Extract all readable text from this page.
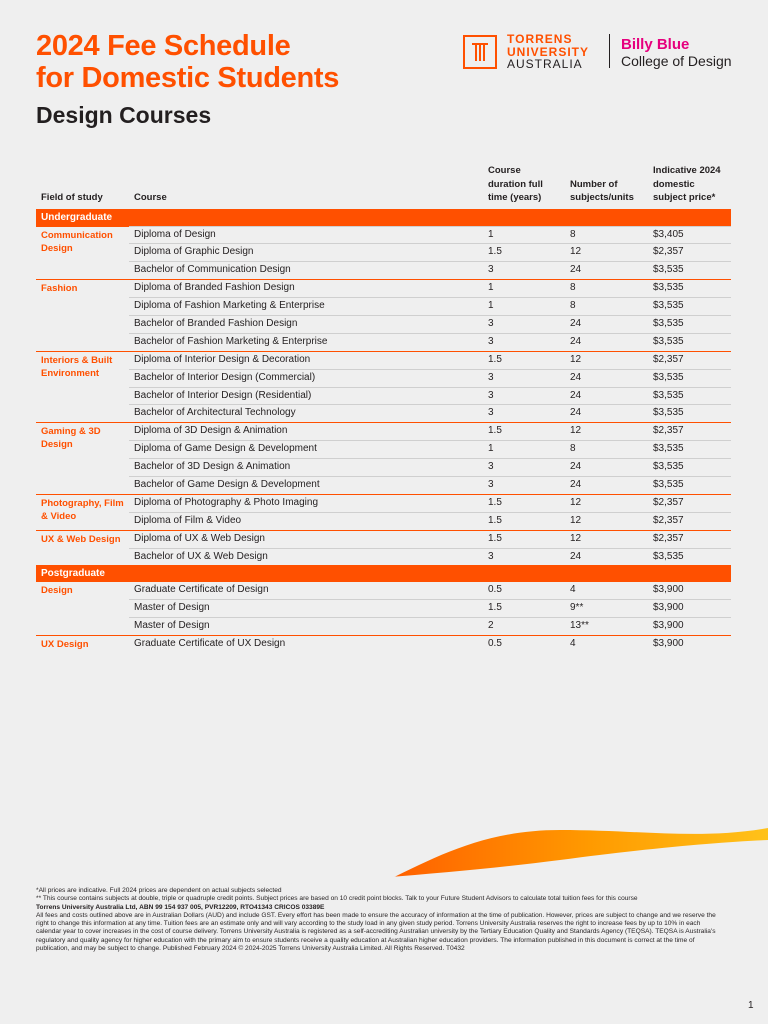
2024 Fee Schedule
for Domestic Students
Design Courses
TORRENS
UNIVERSITY
AUSTRALIA
Billy Blue
College of Design
Field of study	Course	Course duration full time (years)	Number of subjects/units	Indicative 2024 domestic subject price*
Undergraduate				
Communication Design	Diploma of Design	1	8	$3,405
	Diploma of Graphic Design	1.5	12	$2,357
	Bachelor of Communication Design	3	24	$3,535
Fashion	Diploma of Branded Fashion Design	1	8	$3,535
	Diploma of Fashion Marketing & Enterprise	1	8	$3,535
	Bachelor of Branded Fashion Design	3	24	$3,535
	Bachelor of Fashion Marketing & Enterprise	3	24	$3,535
Interiors & Built Environment	Diploma of Interior Design & Decoration	1.5	12	$2,357
	Bachelor of Interior Design (Commercial)	3	24	$3,535
	Bachelor of Interior Design (Residential)	3	24	$3,535
	Bachelor of Architectural Technology	3	24	$3,535
Gaming & 3D Design	Diploma of 3D Design & Animation	1.5	12	$2,357
	Diploma of Game Design & Development	1	8	$3,535
	Bachelor of 3D Design & Animation	3	24	$3,535
	Bachelor of Game Design & Development	3	24	$3,535
Photography, Film & Video	Diploma of Photography & Photo Imaging	1.5	12	$2,357
	Diploma of Film & Video	1.5	12	$2,357
UX & Web Design	Diploma of UX & Web Design	1.5	12	$2,357
	Bachelor of UX & Web Design	3	24	$3,535
Postgraduate				
Design	Graduate Certificate of Design	0.5	4	$3,900
	Master of Design	1.5	9**	$3,900
	Master of Design	2	13**	$3,900
UX Design	Graduate Certificate of UX Design	0.5	4	$3,900

*All prices are indicative. Full 2024 prices are dependent on actual subjects selected

** This course contains subjects at double, triple or quadruple credit points. Subject prices are based on 10 credit point blocks. Talk to your Future Student Advisors to calculate total tuition fees for this course

Torrens University Australia Ltd, ABN 99 154 937 005, PVR12209, RTO41343 CRICOS 03389E

All fees and costs outlined above are in Australian Dollars (AUD) and include GST. Every effort has been made to ensure the accuracy of information at the time of publication. However, prices are subject to change and we reserve the right to change this information at any time. Tuition fees are an estimate only and will vary according to the study load in any given study period. Torrens University Australia reserves the right to increase fees by up to 10% in each calendar year to cover increases in the cost of course delivery. Torrens University Australia is registered as a self-accrediting Australian university by the Tertiary Education Quality and Standards Agency (TEQSA). TEQSA is Australia's regulatory and quality agency for higher education with the primary aim to ensure students receive a quality education at Australian higher education providers. The information published in this document is correct at the time of publication, and may be subject to change. Published February 2024 © 2024-2025 Torrens University Australia Limited. All Rights Reserved. T0432

1
